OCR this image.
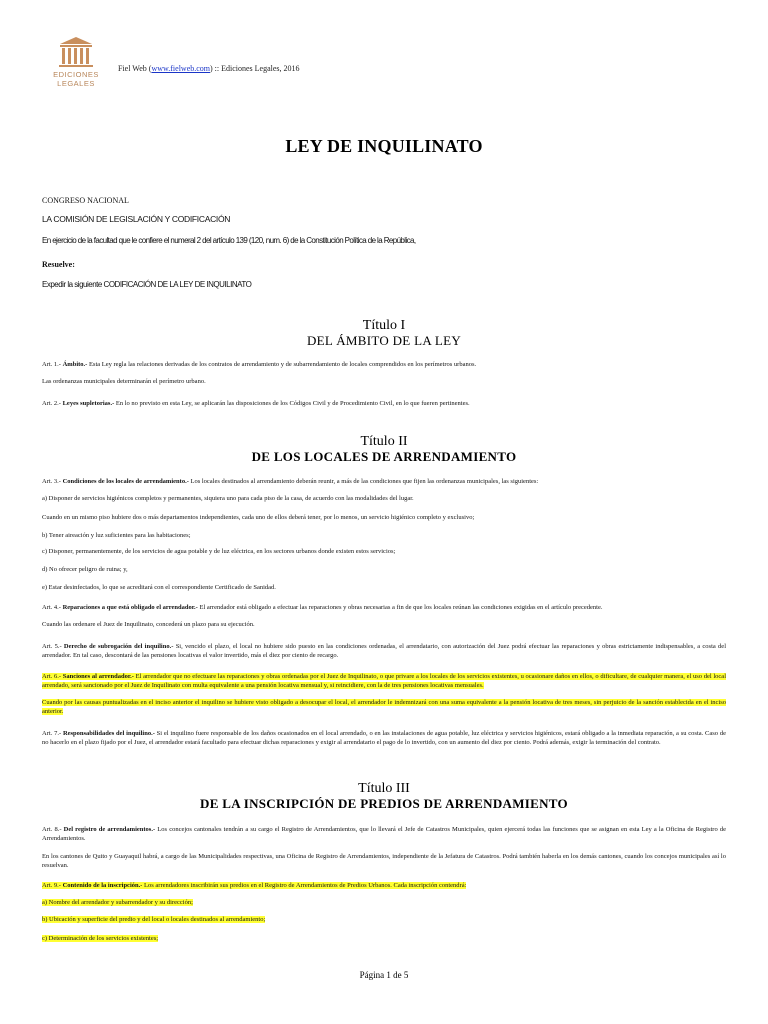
EDICIONES
LEGALES
Fiel Web (www.fielweb.com) :: Ediciones Legales, 2016
LEY DE INQUILINATO
CONGRESO NACIONAL
LA COMISIÓN DE LEGISLACIÓN Y CODIFICACIÓN
En ejercicio de la facultad que le confiere el numeral 2 del artículo 139 (120, num. 6) de la Constitución Política de la República,
Resuelve:
Expedir la siguiente CODIFICACIÓN DE LA LEY DE INQUILINATO
Título I
DEL ÁMBITO DE LA LEY
Art. 1.- Ámbito.- Esta Ley regla las relaciones derivadas de los contratos de arrendamiento y de subarrendamiento de locales comprendidos en los perímetros urbanos.
Las ordenanzas municipales determinarán el perímetro urbano.
Art. 2.- Leyes supletorias.- En lo no previsto en esta Ley, se aplicarán las disposiciones de los Códigos Civil y de Procedimiento Civil, en lo que fueren pertinentes.
Título II
DE LOS LOCALES DE ARRENDAMIENTO
Art. 3.- Condiciones de los locales de arrendamiento.- Los locales destinados al arrendamiento deberán reunir, a más de las condiciones que fijen las ordenanzas municipales, las siguientes:
a) Disponer de servicios higiénicos completos y permanentes, siquiera uno para cada piso de la casa, de acuerdo con las modalidades del lugar.
Cuando en un mismo piso hubiere dos o más departamentos independientes, cada uno de ellos deberá tener, por lo menos, un servicio higiénico completo y exclusivo;
b) Tener aireación y luz suficientes para las habitaciones;
c) Disponer, permanentemente, de los servicios de agua potable y de luz eléctrica, en los sectores urbanos donde existen estos servicios;
d) No ofrecer peligro de ruina; y,
e) Estar desinfectados, lo que se acreditará con el correspondiente Certificado de Sanidad.
Art. 4.- Reparaciones a que está obligado el arrendador.- El arrendador está obligado a efectuar las reparaciones y obras necesarias a fin de que los locales reúnan las condiciones exigidas en el artículo precedente.
Cuando las ordenare el Juez de Inquilinato, concederá un plazo para su ejecución.
Art. 5.- Derecho de subrogación del inquilino.- Si, vencido el plazo, el local no hubiere sido puesto en las condiciones ordenadas, el arrendatario, con autorización del Juez podrá efectuar las reparaciones y obras estrictamente indispensables, a costa del arrendador. En tal caso, descontará de las pensiones locativas el valor invertido, más el diez por ciento de recargo.
Art. 6.- Sanciones al arrendador.- El arrendador que no efectuare las reparaciones y obras ordenadas por el Juez de Inquilinato, o que privare a los locales de los servicios existentes, u ocasionare daños en ellos, o dificultare, de cualquier manera, el uso del local arrendado, será sancionado por el Juez de Inquilinato con multa equivalente a una pensión locativa mensual y, si reincidiere, con la de tres pensiones locativas mensuales.
Cuando por las causas puntualizadas en el inciso anterior el inquilino se hubiere visto obligado a desocupar el local, el arrendador le indemnizará con una suma equivalente a la pensión locativa de tres meses, sin perjuicio de la sanción establecida en el inciso anterior.
Art. 7.- Responsabilidades del inquilino.- Si el inquilino fuere responsable de los daños ocasionados en el local arrendado, o en las instalaciones de agua potable, luz eléctrica y servicios higiénicos, estará obligado a la inmediata reparación, a su costa. Caso de no hacerlo en el plazo fijado por el Juez, el arrendador estará facultado para efectuar dichas reparaciones y exigir al arrendatario el pago de lo invertido, con un aumento del diez por ciento. Podrá además, exigir la terminación del contrato.
Título III
DE LA INSCRIPCIÓN DE PREDIOS DE ARRENDAMIENTO
Art. 8.- Del registro de arrendamientos.- Los concejos cantonales tendrán a su cargo el Registro de Arrendamientos, que lo llevará el Jefe de Catastros Municipales, quien ejercerá todas las funciones que se asignan en esta Ley a la Oficina de Registro de Arrendamientos.
En los cantones de Quito y Guayaquil habrá, a cargo de las Municipalidades respectivas, una Oficina de Registro de Arrendamientos, independiente de la Jefatura de Catastros. Podrá también haberla en los demás cantones, cuando los concejos municipales así lo resuelvan.
Art. 9.- Contenido de la inscripción.- Los arrendadores inscribirán sus predios en el Registro de Arrendamientos de Predios Urbanos. Cada inscripción contendrá:
a) Nombre del arrendador y subarrendador y su dirección;
b) Ubicación y superficie del predio y del local o locales destinados al arrendamiento;
c) Determinación de los servicios existentes;
Página 1 de 5
